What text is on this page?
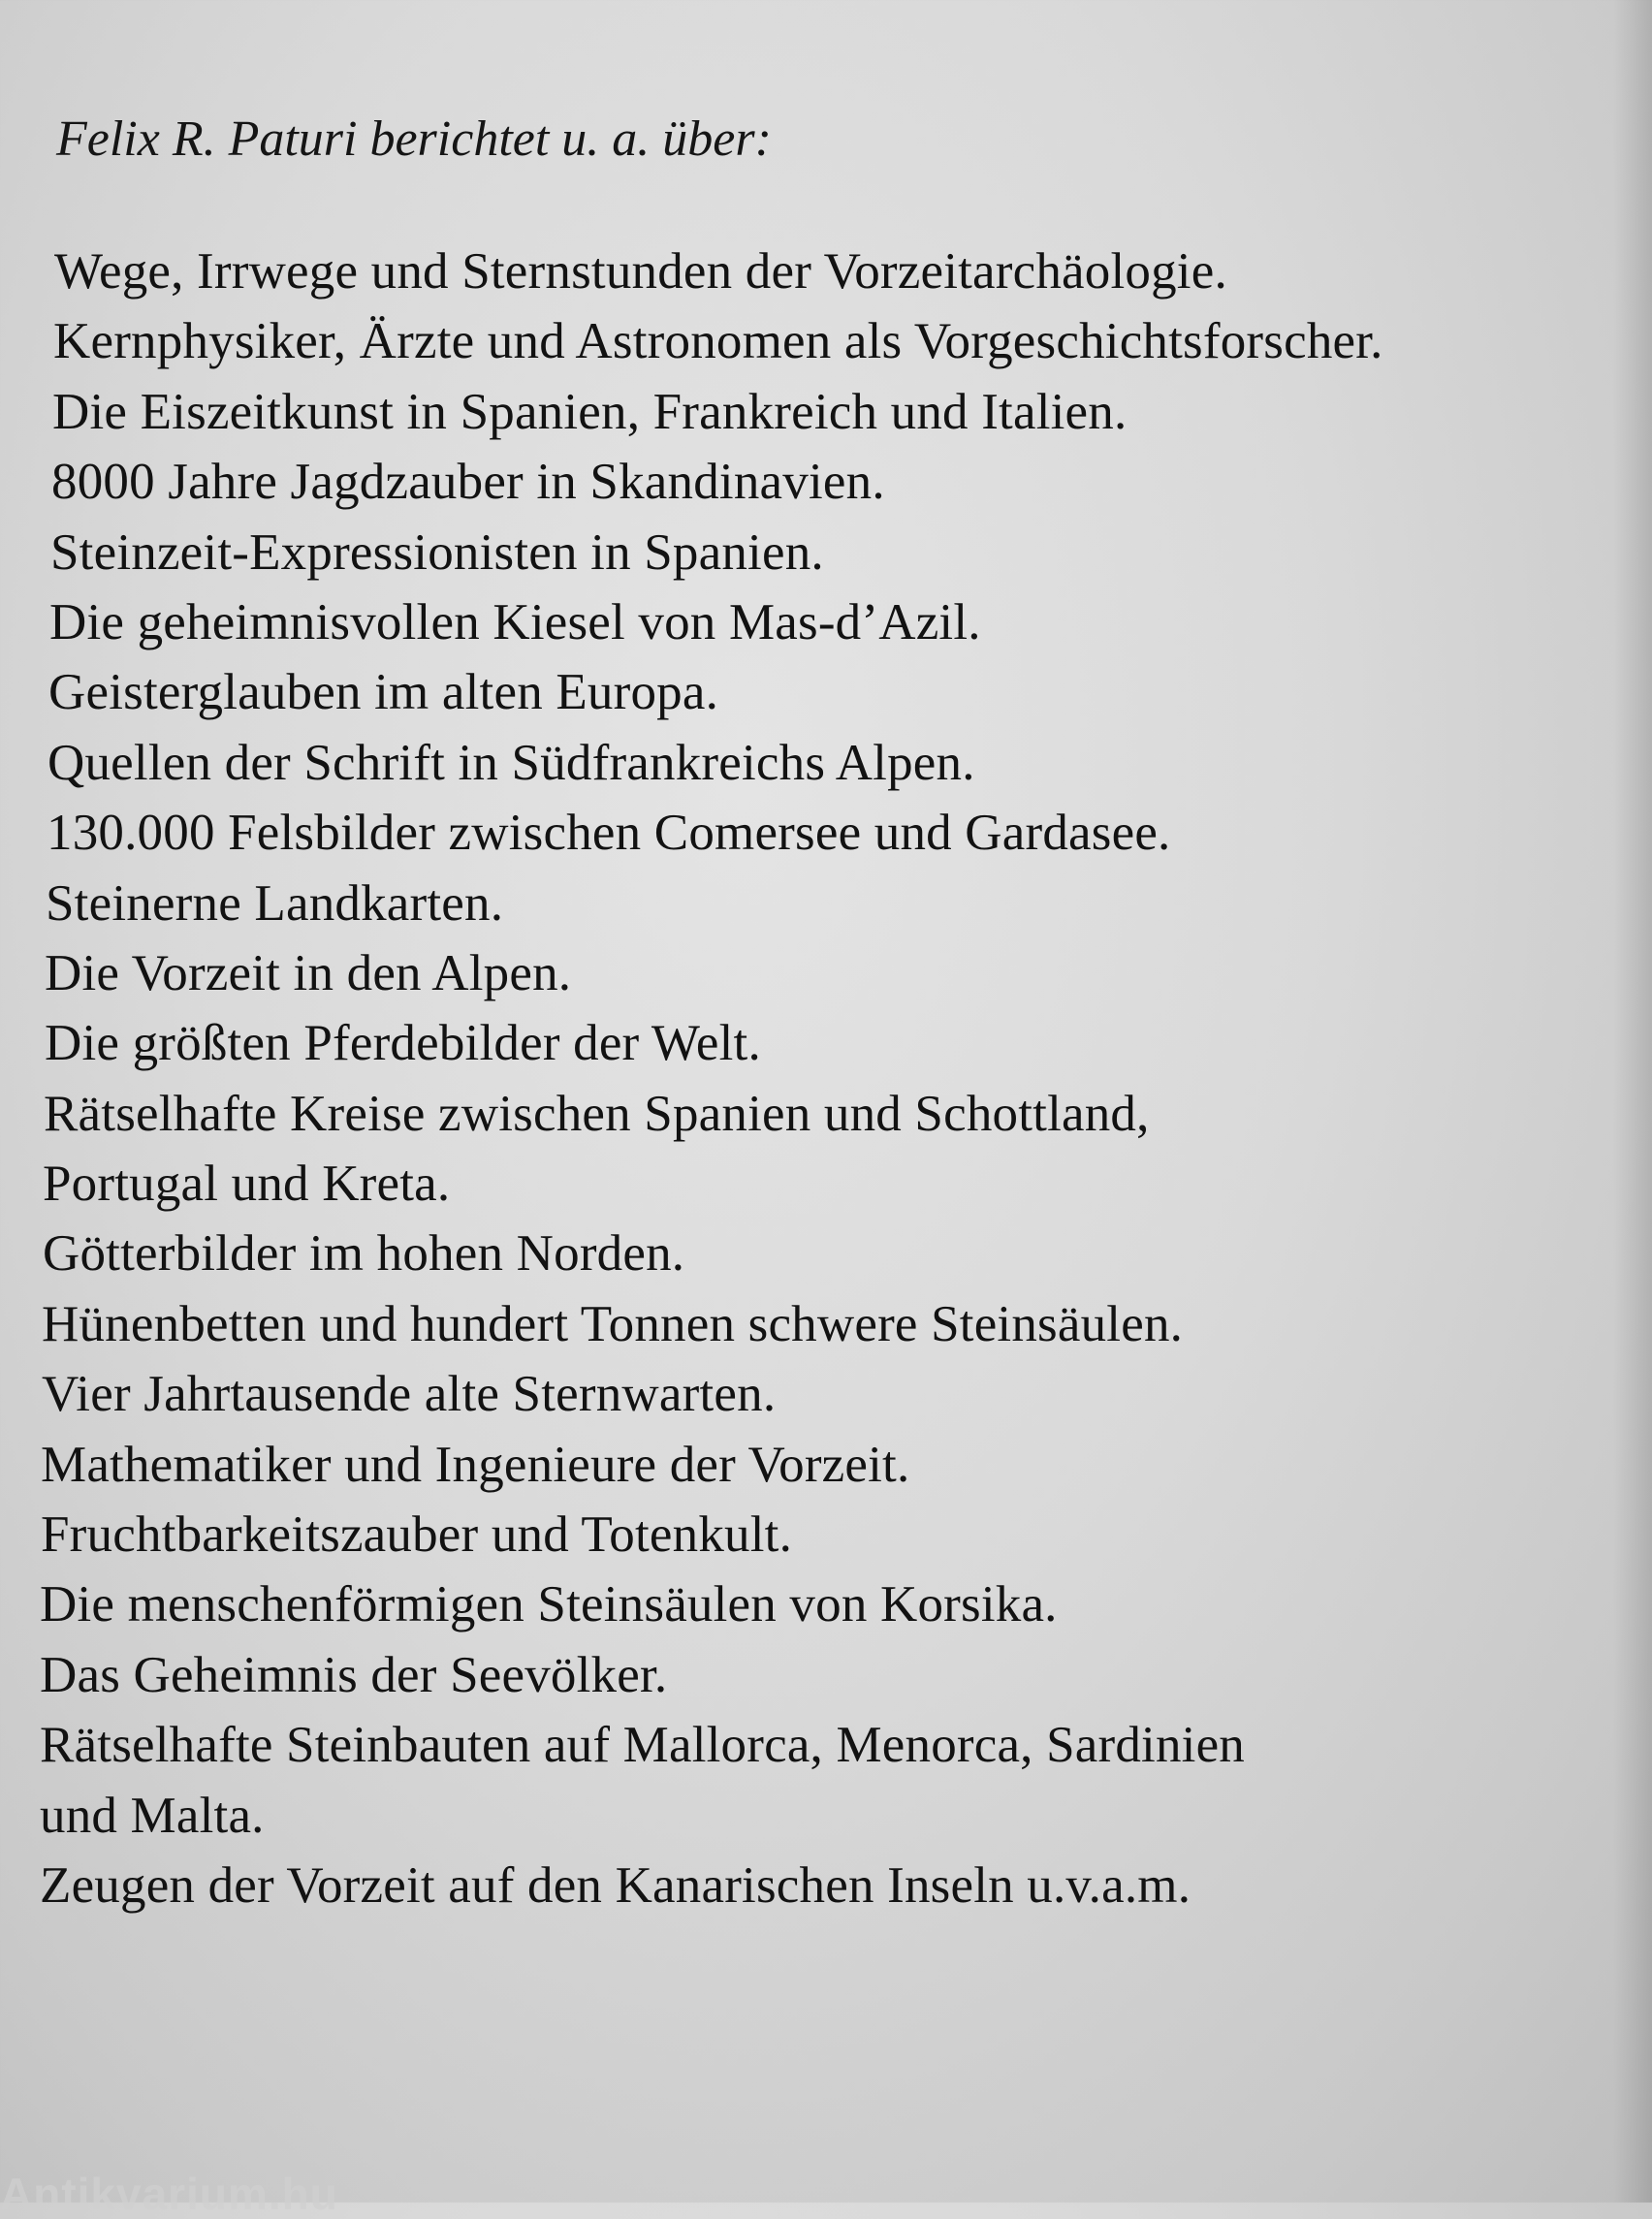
Felix R. Paturi berichtet u. a. über:
Wege, Irrwege und Sternstunden der Vorzeitarchäologie.
Kernphysiker, Ärzte und Astronomen als Vorgeschichtsforscher.
Die Eiszeitkunst in Spanien, Frankreich und Italien.
8000 Jahre Jagdzauber in Skandinavien.
Steinzeit-Expressionisten in Spanien.
Die geheimnisvollen Kiesel von Mas-d’Azil.
Geisterglauben im alten Europa.
Quellen der Schrift in Südfrankreichs Alpen.
130.000 Felsbilder zwischen Comersee und Gardasee.
Steinerne Landkarten.
Die Vorzeit in den Alpen.
Die größten Pferdebilder der Welt.
Rätselhafte Kreise zwischen Spanien und Schottland,
Portugal und Kreta.
Götterbilder im hohen Norden.
Hünenbetten und hundert Tonnen schwere Steinsäulen.
Vier Jahrtausende alte Sternwarten.
Mathematiker und Ingenieure der Vorzeit.
Fruchtbarkeitszauber und Totenkult.
Die menschenförmigen Steinsäulen von Korsika.
Das Geheimnis der Seevölker.
Rätselhafte Steinbauten auf Mallorca, Menorca, Sardinien
und Malta.
Zeugen der Vorzeit auf den Kanarischen Inseln u.v.a.m.
Antikvarium.hu
